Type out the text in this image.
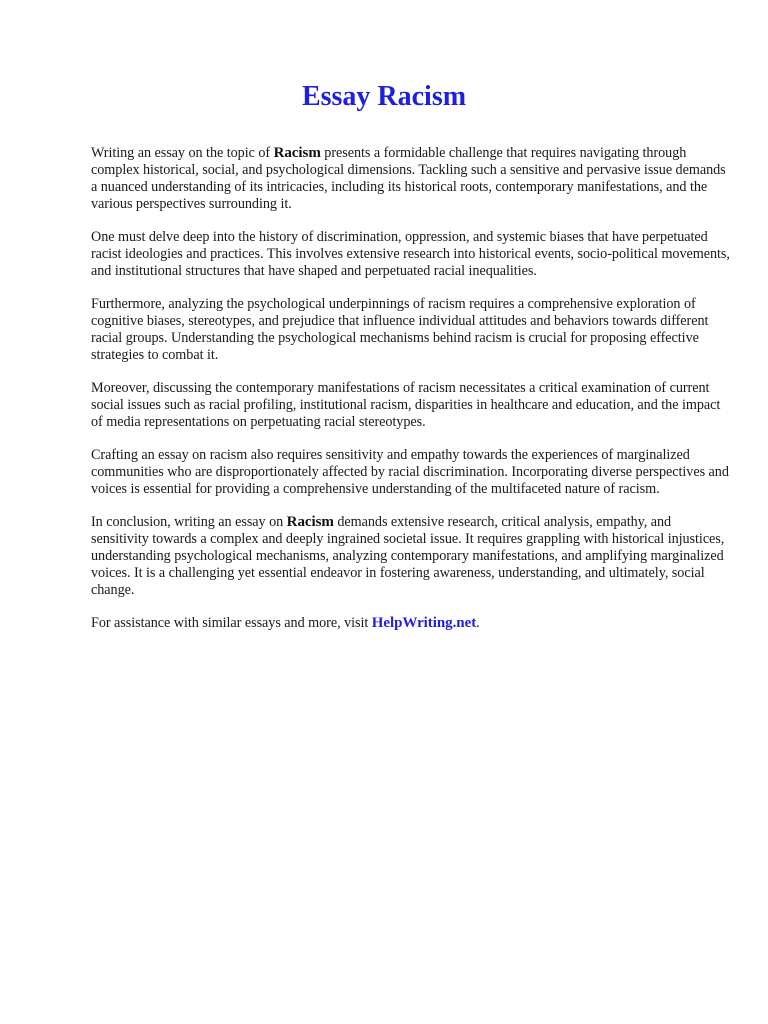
Essay Racism

Writing an essay on the topic of Racism presents a formidable challenge that requires navigating through complex historical, social, and psychological dimensions. Tackling such a sensitive and pervasive issue demands a nuanced understanding of its intricacies, including its historical roots, contemporary manifestations, and the various perspectives surrounding it.

One must delve deep into the history of discrimination, oppression, and systemic biases that have perpetuated racist ideologies and practices. This involves extensive research into historical events, socio-political movements, and institutional structures that have shaped and perpetuated racial inequalities.

Furthermore, analyzing the psychological underpinnings of racism requires a comprehensive exploration of cognitive biases, stereotypes, and prejudice that influence individual attitudes and behaviors towards different racial groups. Understanding the psychological mechanisms behind racism is crucial for proposing effective strategies to combat it.

Moreover, discussing the contemporary manifestations of racism necessitates a critical examination of current social issues such as racial profiling, institutional racism, disparities in healthcare and education, and the impact of media representations on perpetuating racial stereotypes.

Crafting an essay on racism also requires sensitivity and empathy towards the experiences of marginalized communities who are disproportionately affected by racial discrimination. Incorporating diverse perspectives and voices is essential for providing a comprehensive understanding of the multifaceted nature of racism.

In conclusion, writing an essay on Racism demands extensive research, critical analysis, empathy, and sensitivity towards a complex and deeply ingrained societal issue. It requires grappling with historical injustices, understanding psychological mechanisms, analyzing contemporary manifestations, and amplifying marginalized voices. It is a challenging yet essential endeavor in fostering awareness, understanding, and ultimately, social change.

For assistance with similar essays and more, visit HelpWriting.net.
